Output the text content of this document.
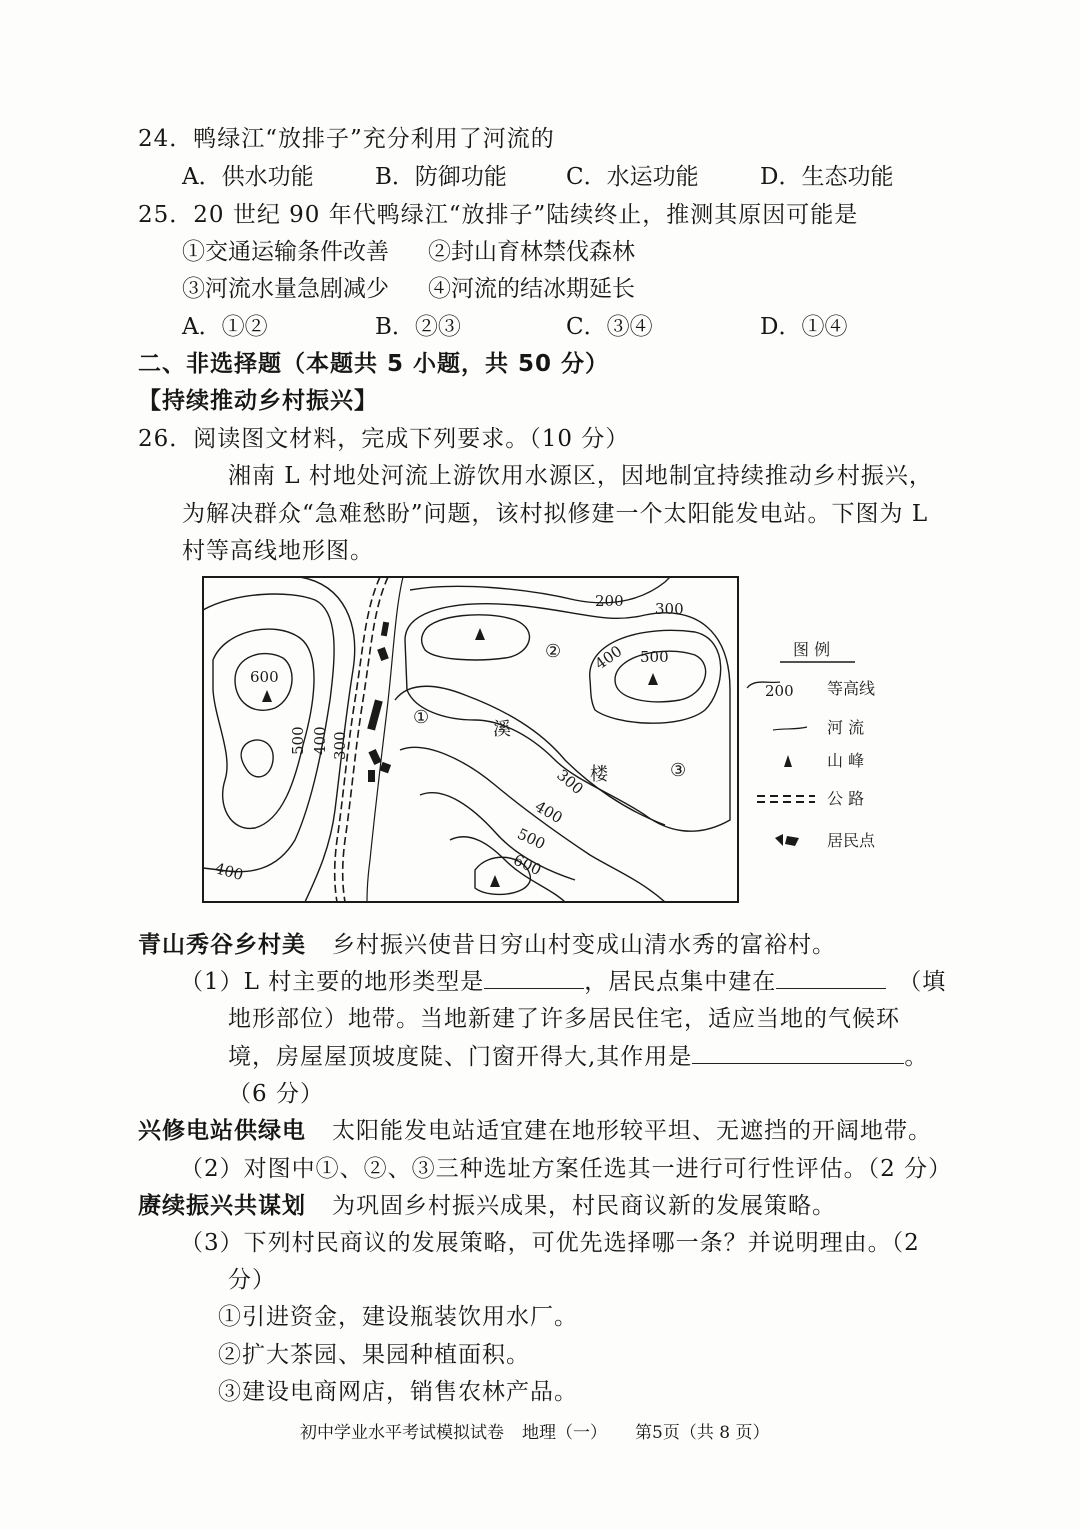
24．鸭绿江“放排子”充分利用了河流的
A．供水功能	B．防御功能	C．水运功能	D．生态功能
25．20 世纪 90 年代鸭绿江“放排子”陆续终止，推测其原因可能是
①交通运输条件改善 ②封山育林禁伐森林
③河流水量急剧减少 ④河流的结冰期延长
A．①②	B．②③	C．③④	D．①④
二、非选择题（本题共 5 小题，共 50 分）
【持续推动乡村振兴】
26．阅读图文材料，完成下列要求。（10 分）
湘南 L 村地处河流上游饮用水源区，因地制宜持续推动乡村振兴，
为解决群众“急难愁盼”问题，该村拟修建一个太阳能发电站。下图为 L
村等高线地形图。
200 300
400 500
600
500 400 300
300
400
500
600
400
①
②
③
溪
楼
图 例
200 等高线
河 流
山 峰
公 路
居民点
青山秀谷乡村美 乡村振兴使昔日穷山村变成山清水秀的富裕村。
（1）L 村主要的地形类型是	，居民点集中建在	（填
地形部位）地带。当地新建了许多居民住宅，适应当地的气候环
境，房屋屋顶坡度陡、门窗开得大,其作用是	。
（6 分）
兴修电站供绿电 太阳能发电站适宜建在地形较平坦、无遮挡的开阔地带。
（2）对图中①、②、③三种选址方案任选其一进行可行性评估。（2 分）
赓续振兴共谋划 为巩固乡村振兴成果，村民商议新的发展策略。
（3）下列村民商议的发展策略，可优先选择哪一条？并说明理由。（2
分）
①引进资金，建设瓶装饮用水厂。
②扩大茶园、果园种植面积。
③建设电商网店，销售农林产品。
初中学业水平考试模拟试卷 地理（一） 第5页（共 8 页）
